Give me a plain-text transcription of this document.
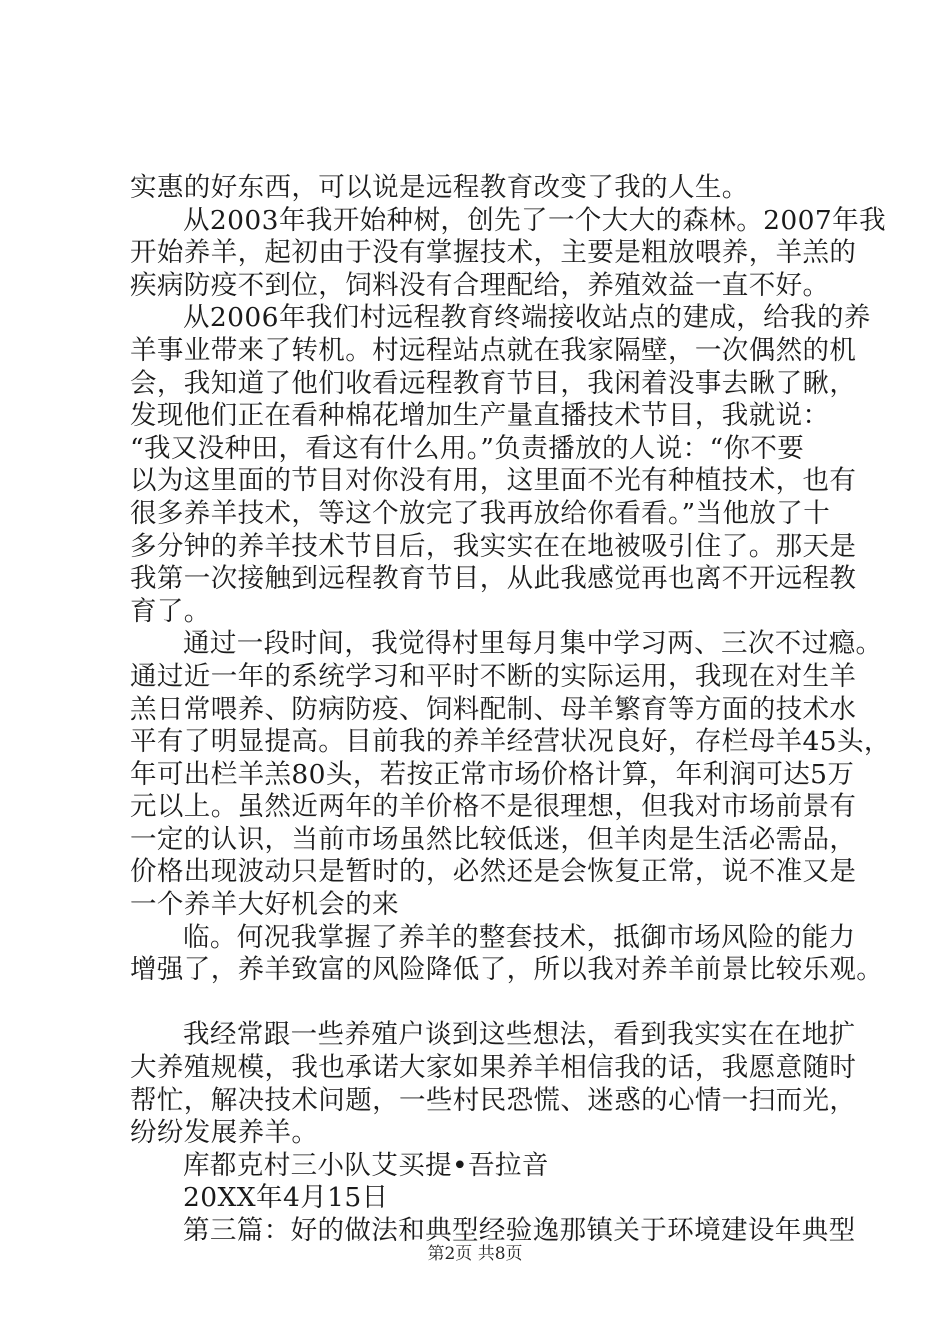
实惠的好东西，可以说是远程教育改变了我的人生。
从2003年我开始种树，创先了一个大大的森林。2007年我
开始养羊，起初由于没有掌握技术，主要是粗放喂养，羊羔的
疾病防疫不到位，饲料没有合理配给，养殖效益一直不好。
从2006年我们村远程教育终端接收站点的建成，给我的养
羊事业带来了转机。村远程站点就在我家隔壁，一次偶然的机
会，我知道了他们收看远程教育节目，我闲着没事去瞅了瞅，
发现他们正在看种棉花增加生产量直播技术节目，我就说：
“我又没种田，看这有什么用。”负责播放的人说：“你不要
以为这里面的节目对你没有用，这里面不光有种植技术，也有
很多养羊技术，等这个放完了我再放给你看看。”当他放了十
多分钟的养羊技术节目后，我实实在在地被吸引住了。那天是
我第一次接触到远程教育节目，从此我感觉再也离不开远程教
育了。
通过一段时间，我觉得村里每月集中学习两、三次不过瘾。
通过近一年的系统学习和平时不断的实际运用，我现在对生羊
羔日常喂养、防病防疫、饲料配制、母羊繁育等方面的技术水
平有了明显提高。目前我的养羊经营状况良好，存栏母羊45头，
年可出栏羊羔80头，若按正常市场价格计算，年利润可达5万
元以上。虽然近两年的羊价格不是很理想，但我对市场前景有
一定的认识，当前市场虽然比较低迷，但羊肉是生活必需品，
价格出现波动只是暂时的，必然还是会恢复正常，说不准又是
一个养羊大好机会的来
临。何况我掌握了养羊的整套技术，抵御市场风险的能力
增强了，养羊致富的风险降低了，所以我对养羊前景比较乐观。
我经常跟一些养殖户谈到这些想法，看到我实实在在地扩
大养殖规模，我也承诺大家如果养羊相信我的话，我愿意随时
帮忙，解决技术问题，一些村民恐慌、迷惑的心情一扫而光，
纷纷发展养羊。
库都克村三小队艾买提•吾拉音
20XX年4月15日
第三篇：好的做法和典型经验逸那镇关于环境建设年典型
第2页 共8页
